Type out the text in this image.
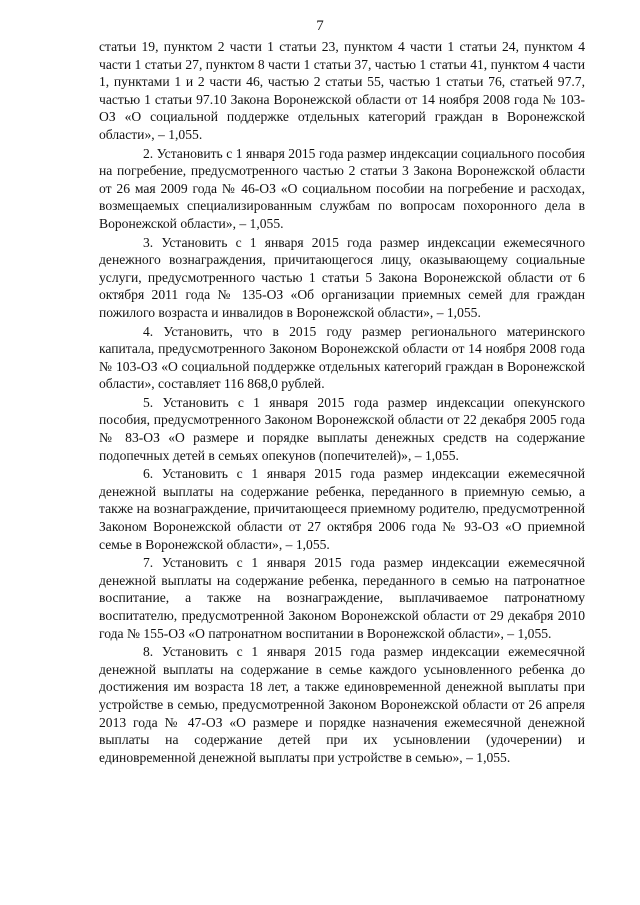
7

статьи 19, пунктом 2 части 1 статьи 23, пунктом 4 части 1 статьи 24, пунктом 4 части 1 статьи 27, пунктом 8 части 1 статьи 37, частью 1 статьи 41, пунктом 4 части 1, пунктами 1 и 2 части 46, частью 2 статьи 55, частью 1 статьи 76, статьей 97.7, частью 1 статьи 97.10 Закона Воронежской области от 14 ноября 2008 года № 103-ОЗ «О социальной поддержке отдельных категорий граждан в Воронежской области», – 1,055.

2. Установить с 1 января 2015 года размер индексации социального пособия на погребение, предусмотренного частью 2 статьи 3 Закона Воронежской области от 26 мая 2009 года № 46-ОЗ «О социальном пособии на погребение и расходах, возмещаемых специализированным службам по вопросам похоронного дела в Воронежской области», – 1,055.

3. Установить с 1 января 2015 года размер индексации ежемесячного денежного вознаграждения, причитающегося лицу, оказывающему социальные услуги, предусмотренного частью 1 статьи 5 Закона Воронежской области от 6 октября 2011 года № 135-ОЗ «Об организации приемных семей для граждан пожилого возраста и инвалидов в Воронежской области», – 1,055.

4. Установить, что в 2015 году размер регионального материнского капитала, предусмотренного Законом Воронежской области от 14 ноября 2008 года № 103-ОЗ «О социальной поддержке отдельных категорий граждан в Воронежской области», составляет 116 868,0 рублей.

5. Установить с 1 января 2015 года размер индексации опекунского пособия, предусмотренного Законом Воронежской области от 22 декабря 2005 года № 83-ОЗ «О размере и порядке выплаты денежных средств на содержание подопечных детей в семьях опекунов (попечителей)», – 1,055.

6. Установить с 1 января 2015 года размер индексации ежемесячной денежной выплаты на содержание ребенка, переданного в приемную семью, а также на вознаграждение, причитающееся приемному родителю, предусмотренной Законом Воронежской области от 27 октября 2006 года № 93-ОЗ «О приемной семье в Воронежской области», – 1,055.

7. Установить с 1 января 2015 года размер индексации ежемесячной денежной выплаты на содержание ребенка, переданного в семью на патронатное воспитание, а также на вознаграждение, выплачиваемое патронатному воспитателю, предусмотренной Законом Воронежской области от 29 декабря 2010 года № 155-ОЗ «О патронатном воспитании в Воронежской области», – 1,055.

8. Установить с 1 января 2015 года размер индексации ежемесячной денежной выплаты на содержание в семье каждого усыновленного ребенка до достижения им возраста 18 лет, а также единовременной денежной выплаты при устройстве в семью, предусмотренной Законом Воронежской области от 26 апреля 2013 года № 47-ОЗ «О размере и порядке назначения ежемесячной денежной выплаты на содержание детей при их усыновлении (удочерении) и единовременной денежной выплаты при устройстве в семью», – 1,055.
